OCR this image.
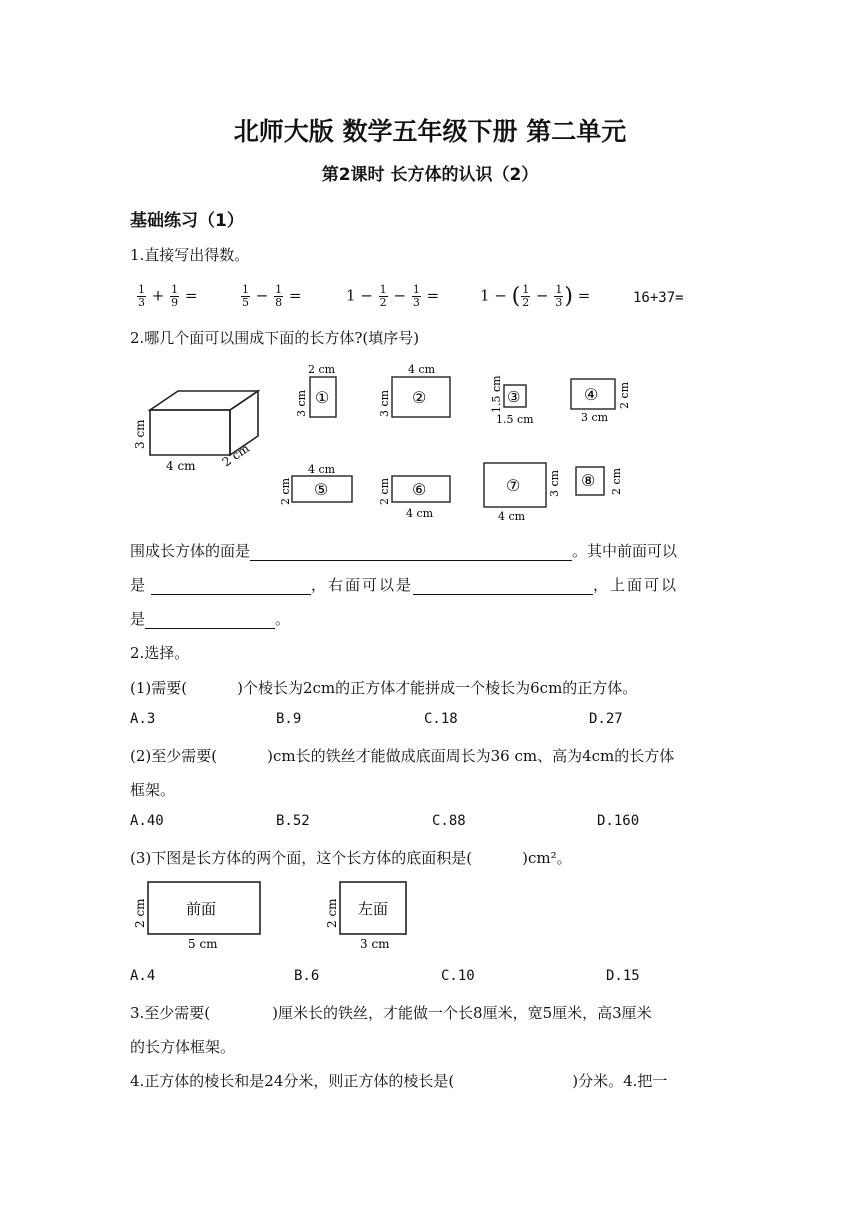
北师大版 数学五年级下册 第二单元
第2课时 长方体的认识（2）
基础练习（1）
1.直接写出得数。
$\frac{1}{3} + \frac{1}{9}$ =	$\frac{1}{5} - \frac{1}{8}$ =	$1 - \frac{1}{2} - \frac{1}{3}$ =	1 − ( $\frac{1}{2} - \frac{1}{3}$ ) =	16+37=
2.哪几个面可以围成下面的长方体?(填序号)
3 cm
4 cm 2 cm
①
2 cm
3 cm	②
4 cm
3 cm	③
1.5 cm
1.5 cm
④ 2 cm
3 cm
⑤
4 cm
2 cm	⑥
2 cm
4 cm
⑦	3 cm
4 cm
⑧ 2 cm
围成长方体的面是	。其中前面可以
是	，右面可以是	，上面可以
是	。
2.选择。
(1)需要(	)个棱长为2cm的正方体才能拼成一个棱长为6cm的正方体。
A.3	B.9	C.18	D.27
(2)至少需要(	)cm长的铁丝才能做成底面周长为36 cm、高为4cm的长方体
框架。
A.40	B.52	C.88	D.160
(3)下图是长方体的两个面，这个长方体的底面积是(	)cm²。
前面
2 cm
5 cm
左面
2 cm
3 cm
A.4	B.6	C.10	D.15
3.至少需要(	)厘米长的铁丝，才能做一个长8厘米，宽5厘米，高3厘米
的长方体框架。
4.正方体的棱长和是24分米，则正方体的棱长是(	)分米。4.把一
